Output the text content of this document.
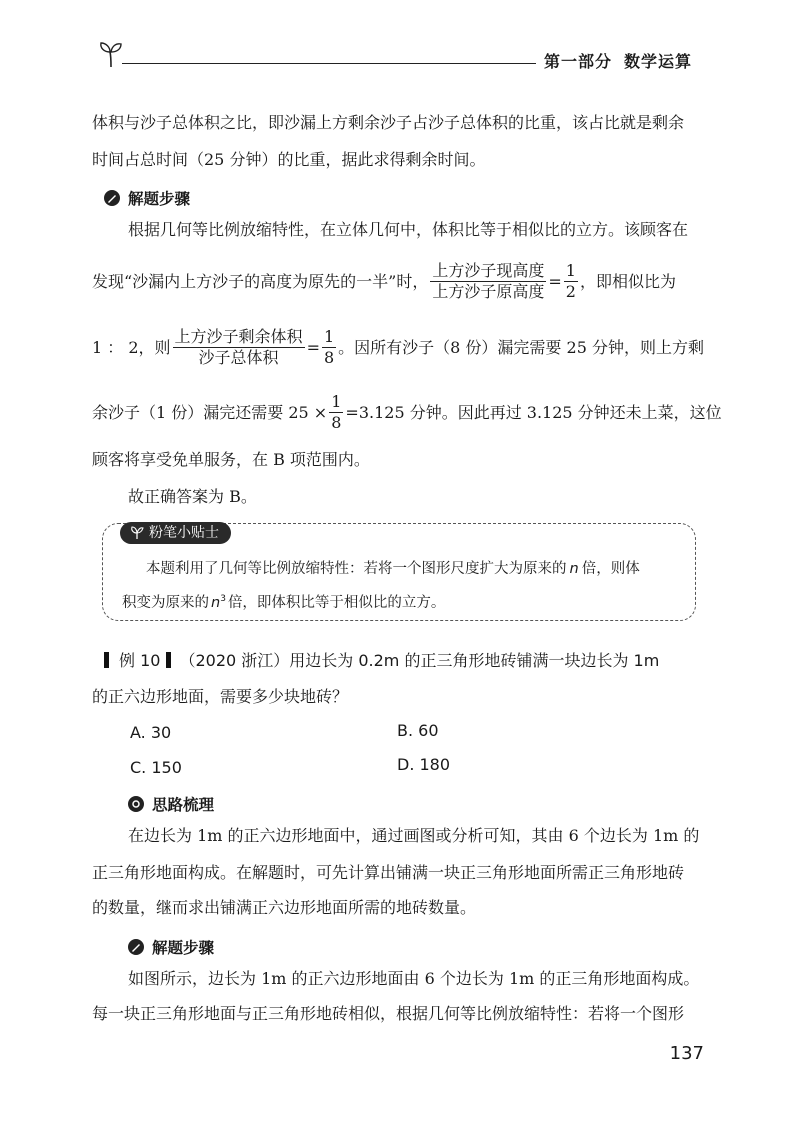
第一部分 数学运算
体积与沙子总体积之比，即沙漏上方剩余沙子占沙子总体积的比重，该占比就是剩余
时间占总时间（25 分钟）的比重，据此求得剩余时间。
解题步骤
根据几何等比例放缩特性，在立体几何中，体积比等于相似比的立方。该顾客在
发现“沙漏内上方沙子的高度为原先的一半”时， $\frac{\text{上方沙子现高度}}{\text{上方沙子原高度}} = \frac{1}{2}$ ，即相似比为
1 ： 2，则 $\frac{\text{上方沙子剩余体积}}{\text{沙子总体积}} = \frac{1}{8}$ 。因所有沙子（8 份）漏完需要 25 分钟，则上方剩
余沙子（1 份）漏完还需要 $25 \times \frac{1}{8} =3.125$ 分钟。因此再过 3.125 分钟还未上菜，这位
顾客将享受免单服务，在 B 项范围内。
故正确答案为 B。
粉笔小贴士
本题利用了几何等比例放缩特性：若将一个图形尺度扩大为原来的 n 倍，则体
积变为原来的 $n^3$ 倍，即体积比等于相似比的立方。
例 10 （2020 浙江）用边长为 0.2m 的正三角形地砖铺满一块边长为 1m
的正六边形地面，需要多少块地砖？
A. 30	B. 60
C. 150	D. 180
思路梳理
在边长为 1m 的正六边形地面中，通过画图或分析可知，其由 6 个边长为 1m 的
正三角形地面构成。在解题时，可先计算出铺满一块正三角形地面所需正三角形地砖
的数量，继而求出铺满正六边形地面所需的地砖数量。
解题步骤
如图所示，边长为 1m 的正六边形地面由 6 个边长为 1m 的正三角形地面构成。
每一块正三角形地面与正三角形地砖相似，根据几何等比例放缩特性：若将一个图形
137
